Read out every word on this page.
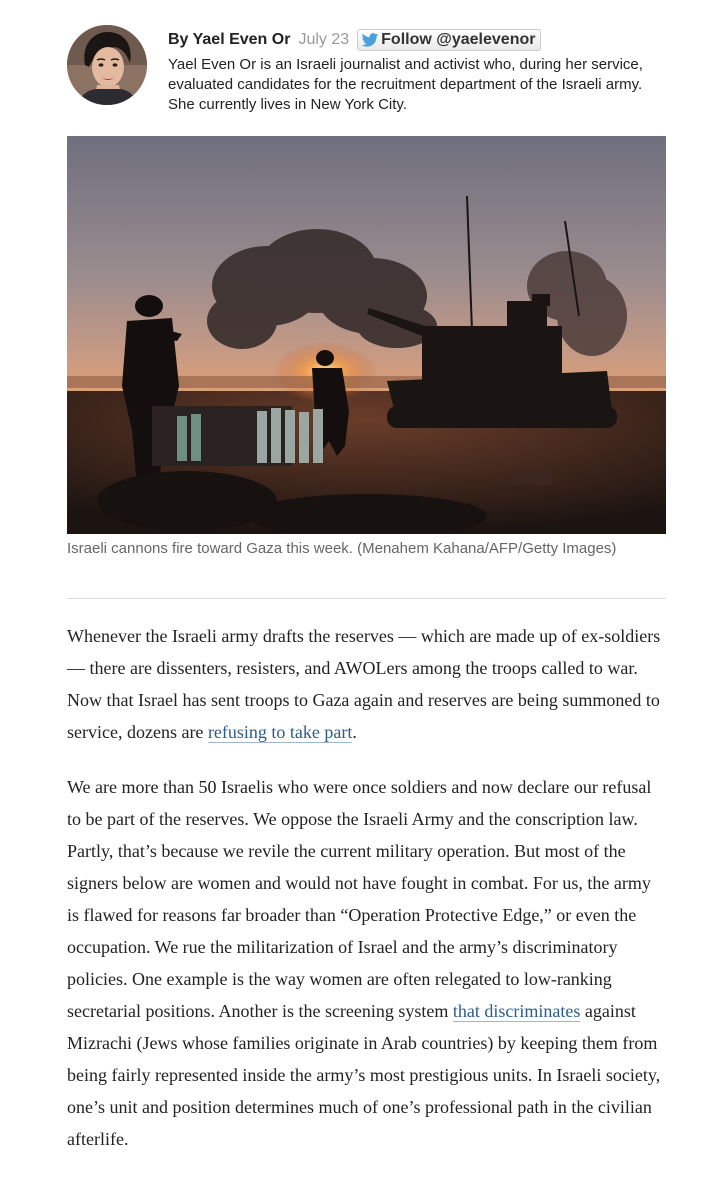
By Yael Even Or July 23 Follow @yaelevenor

Yael Even Or is an Israeli journalist and activist who, during her service, evaluated candidates for the recruitment department of the Israeli army. She currently lives in New York City.

Israeli cannons fire toward Gaza this week. (Menahem Kahana/AFP/Getty Images)

Whenever the Israeli army drafts the reserves — which are made up of ex-soldiers — there are dissenters, resisters, and AWOLers among the troops called to war. Now that Israel has sent troops to Gaza again and reserves are being summoned to service, dozens are refusing to take part.

We are more than 50 Israelis who were once soldiers and now declare our refusal to be part of the reserves. We oppose the Israeli Army and the conscription law. Partly, that’s because we revile the current military operation. But most of the signers below are women and would not have fought in combat. For us, the army is flawed for reasons far broader than “Operation Protective Edge,” or even the occupation. We rue the militarization of Israel and the army’s discriminatory policies. One example is the way women are often relegated to low-ranking secretarial positions. Another is the screening system that discriminates against Mizrachi (Jews whose families originate in Arab countries) by keeping them from being fairly represented inside the army’s most prestigious units. In Israeli society, one’s unit and position determines much of one’s professional path in the civilian afterlife.
